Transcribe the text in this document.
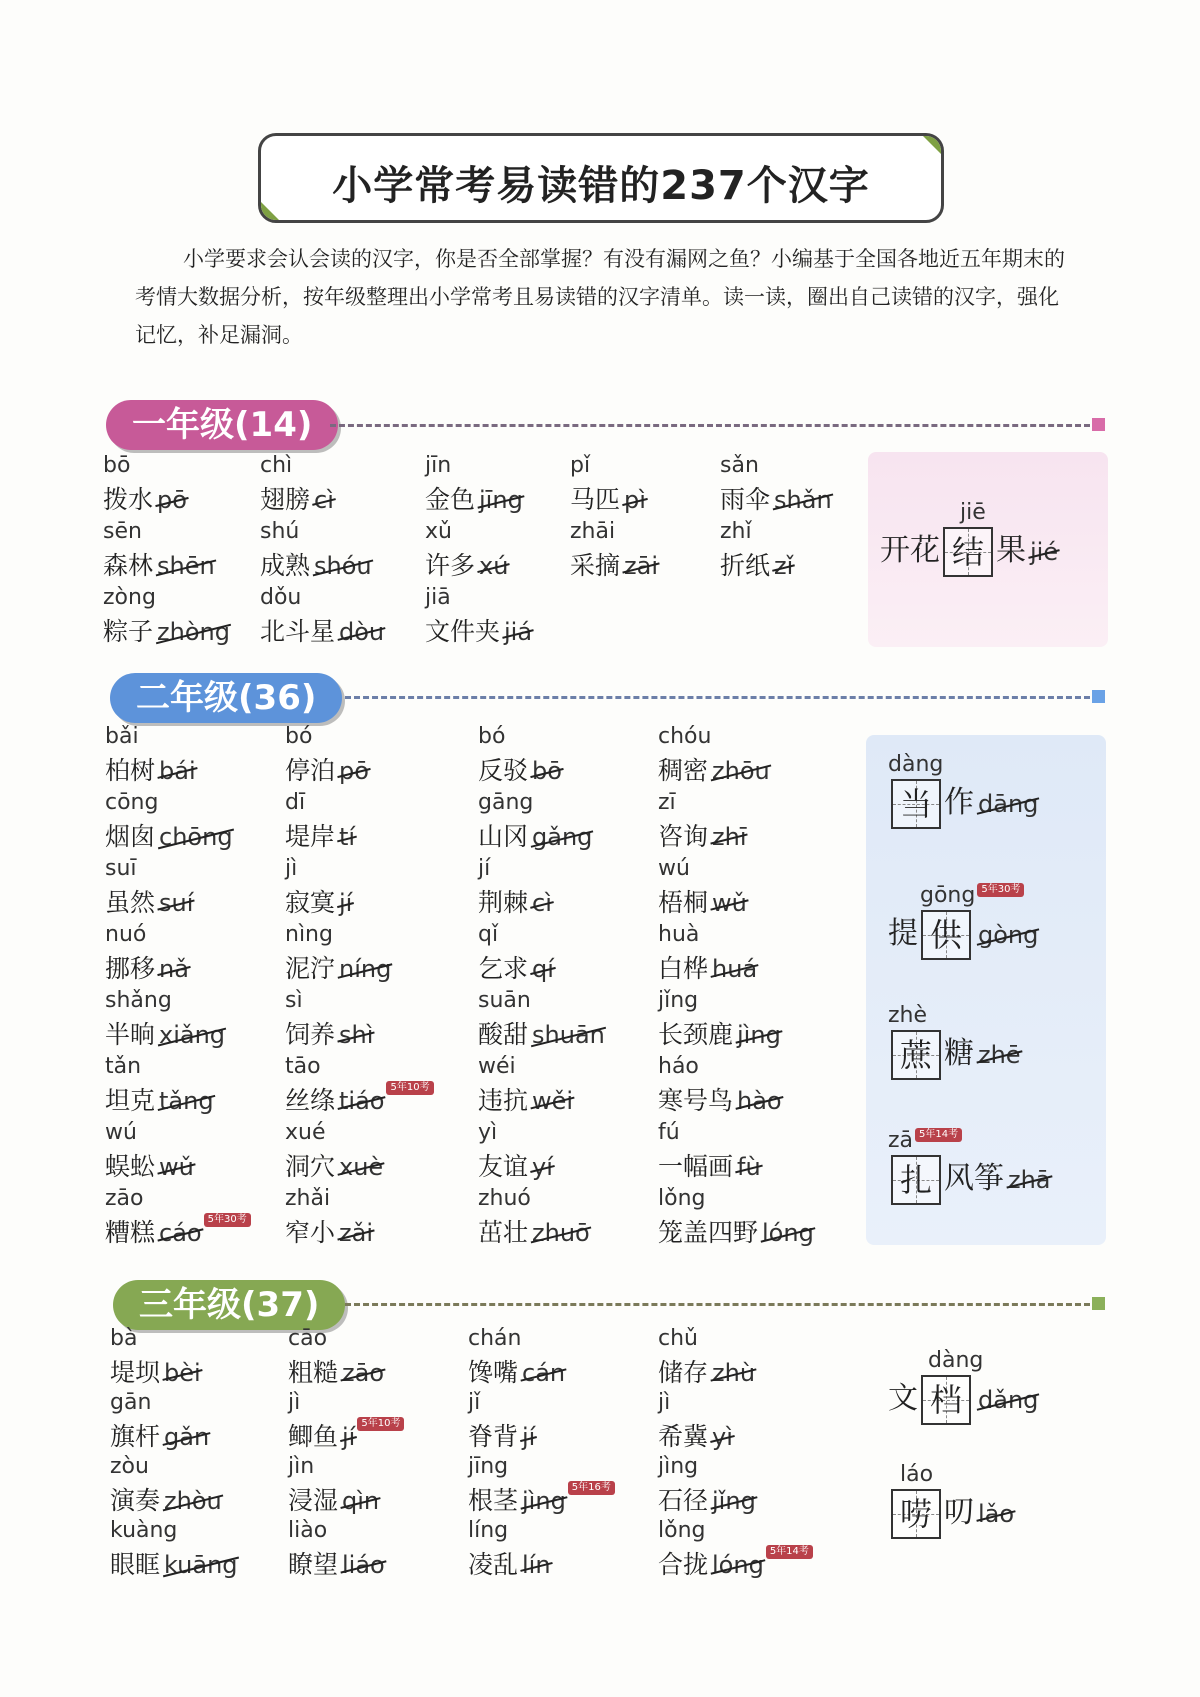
小学常考易读错的237个汉字
小学要求会认会读的汉字，你是否全部掌握？有没有漏网之鱼？小编基于全国各地近五年期末的考情大数据分析，按年级整理出小学常考且易读错的汉字清单。读一读，圈出自己读错的汉字，强化记忆，补足漏洞。
一年级(14)
二年级(36)
三年级(37)
bō
拨水 pō
chì
翅膀 cì
jīn
金色 jīng
pǐ
马匹 pì
sǎn
雨伞 shǎn
sēn
森林 shēn
shú
成熟 shóu
xǔ
许多 xú
zhāi
采摘 zāi
zhǐ
折纸 zǐ
zòng
粽子 zhòng
dǒu
北斗星 dòu
jiā
文件夹 jiá
bǎi
柏树 bái
bó
停泊 pō
bó
反驳 bō
chóu
稠密 zhōu
cōng
烟囱 chōng
dī
堤岸 tí
gāng
山冈 gǎng
zī
咨询 zhī
suī
虽然 suí
jì
寂寞 jí
jí
荆棘 cì
wú
梧桐 wǔ
nuó
挪移 nǎ
nìng
泥泞 níng
qǐ
乞求 qí
huà
白桦 huá
shǎng
半晌 xiǎng
sì
饲养 shì
suān
酸甜 shuān
jǐng
长颈鹿 jìng
tǎn
坦克 tǎng
tāo
丝绦 tiáo 5年10考
wéi
违抗 wěi
háo
寒号鸟 hào
wú
蜈蚣 wǔ
xué
洞穴 xuè
yì
友谊 yí
fú
一幅画 fù
zāo
糟糕 cáo 5年30考
zhǎi
窄小 zǎi
zhuó
茁壮 zhuō
lǒng
笼盖四野 lóng
bà
堤坝 bèi
cāo
粗糙 zāo
chán
馋嘴 cán
chǔ
储存 zhù
gān
旗杆 gǎn
jì
鲫鱼 jí 5年10考
jǐ
脊背 jí
jì
希冀 yì
zòu
演奏 zhòu
jìn
浸湿 qìn
jīng
根茎 jìng 5年16考
jìng
石径 jǐng
kuàng
眼眶 kuāng
liào
瞭望 liáo
líng
凌乱 lín
lǒng
合拢 lóng 5年14考
jiē
开花 结 果 jié
dàng
当 作 dāng
gōng 5年30考
提 供 gòng
zhè
蔗 糖 zhē
zā 5年14考
扎 风筝 zhā
dàng
文 档 dǎng
láo
唠 叨 lǎo
